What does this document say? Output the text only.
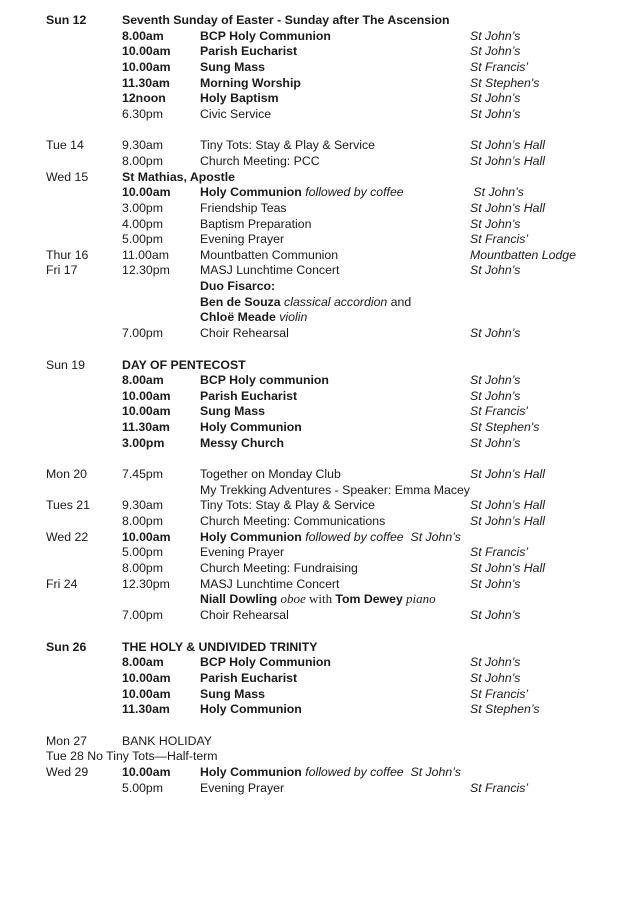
Sun 12	Seventh Sunday of Easter - Sunday after The Ascension
8.00am	BCP Holy Communion	St John’s
10.00am Parish Eucharist	St John’s
10.00am Sung Mass	St Francis’
11.30am Morning Worship	St Stephen's
12noon	Holy Baptism	St John’s
6.30pm	Civic Service	St John’s
Tue 14	9.30am	Tiny Tots: Stay & Play & Service	St John’s Hall
8.00pm	Church Meeting: PCC	St John’s Hall
Wed 15	St Mathias, Apostle
10.00am Holy Communion followed by coffee	St John’s
3.00pm	Friendship Teas	St John’s Hall
4.00pm	Baptism Preparation	St John’s
5.00pm	Evening Prayer	St Francis’
Thur 16	11.00am	Mountbatten Communion	Mountbatten Lodge
Fri 17	12.30pm MASJ Lunchtime Concert	St John’s
Duo Fisarco:
Ben de Souza classical accordion and
Chloë Meade violin
7.00pm	Choir Rehearsal	St John’s
Sun 19	DAY OF PENTECOST
8.00am	BCP Holy communion	St John’s
10.00am Parish Eucharist	St John’s
10.00am Sung Mass	St Francis'
11.30am Holy Communion	St Stephen's
3.00pm	Messy Church	St John’s
Mon 20	7.45pm	Together on Monday Club	St John’s Hall
My Trekking Adventures - Speaker: Emma Macey
Tues 21	9.30am	Tiny Tots: Stay & Play & Service	St John’s Hall
8.00pm	Church Meeting: Communications	St John’s Hall
Wed 22	10.00am Holy Communion followed by coffee  St John’s
5.00pm	Evening Prayer	St Francis’
8.00pm	Church Meeting: Fundraising	St John’s Hall
Fri 24	12.30pm MASJ Lunchtime Concert	St John’s
Niall Dowling oboe with Tom Dewey piano
7.00pm	Choir Rehearsal	St John’s
Sun 26	THE HOLY & UNDIVIDED TRINITY
8.00am	BCP Holy Communion	St John’s
10.00am Parish Eucharist	St John’s
10.00am Sung Mass	St Francis’
11.30am Holy Communion	St Stephen’s
Mon 27	BANK HOLIDAY
Tue 28 No Tiny Tots—Half-term
Wed 29	10.00am Holy Communion followed by coffee  St John’s
5.00pm	Evening Prayer	St Francis’
